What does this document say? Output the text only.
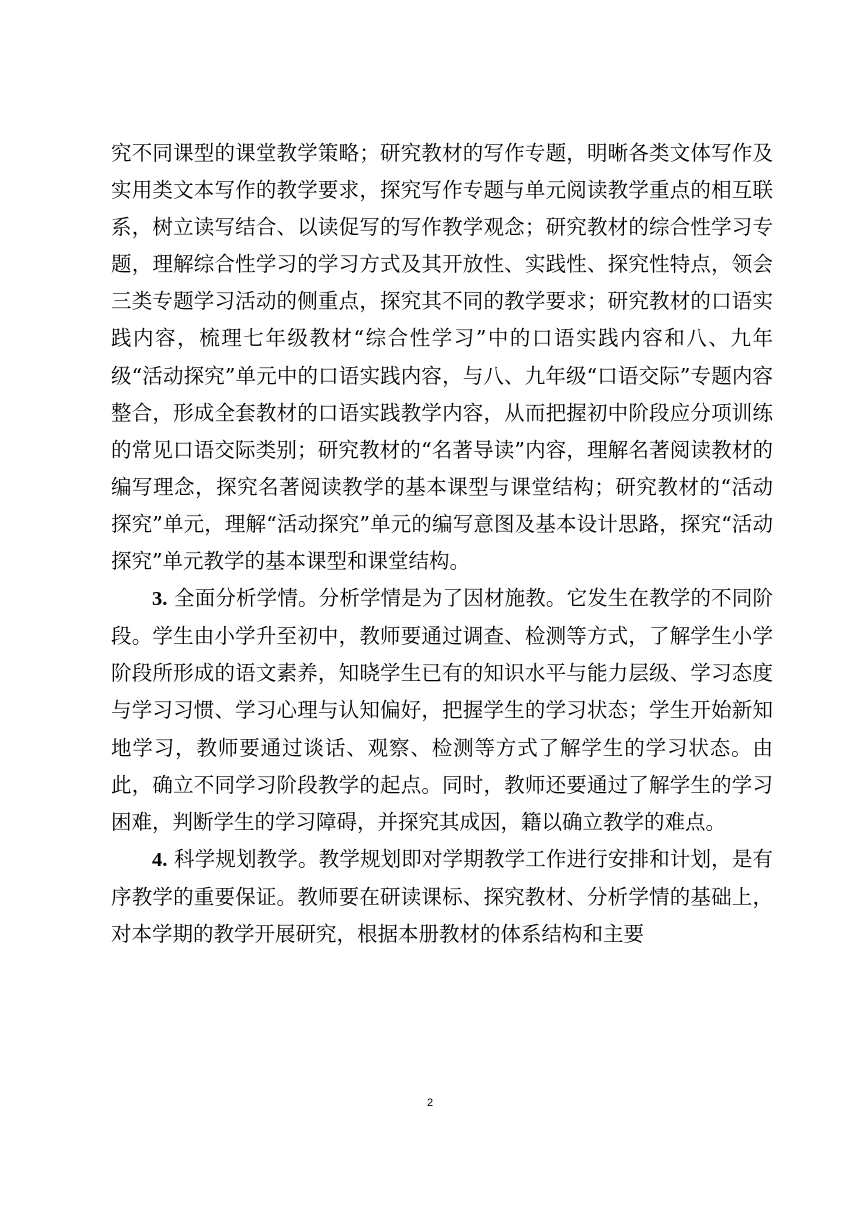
究不同课型的课堂教学策略；研究教材的写作专题，明晰各类文体写作及实用类文本写作的教学要求，探究写作专题与单元阅读教学重点的相互联系，树立读写结合、以读促写的写作教学观念；研究教材的综合性学习专题，理解综合性学习的学习方式及其开放性、实践性、探究性特点，领会三类专题学习活动的侧重点，探究其不同的教学要求；研究教材的口语实践内容，梳理七年级教材“综合性学习”中的口语实践内容和八、九年级“活动探究”单元中的口语实践内容，与八、九年级“口语交际”专题内容整合，形成全套教材的口语实践教学内容，从而把握初中阶段应分项训练的常见口语交际类别；研究教材的“名著导读”内容，理解名著阅读教材的编写理念，探究名著阅读教学的基本课型与课堂结构；研究教材的“活动探究”单元，理解“活动探究”单元的编写意图及基本设计思路，探究“活动探究”单元教学的基本课型和课堂结构。

3. 全面分析学情。分析学情是为了因材施教。它发生在教学的不同阶段。学生由小学升至初中，教师要通过调查、检测等方式，了解学生小学阶段所形成的语文素养，知晓学生已有的知识水平与能力层级、学习态度与学习习惯、学习心理与认知偏好，把握学生的学习状态；学生开始新知地学习，教师要通过谈话、观察、检测等方式了解学生的学习状态。由此，确立不同学习阶段教学的起点。同时，教师还要通过了解学生的学习困难，判断学生的学习障碍，并探究其成因，籍以确立教学的难点。

4. 科学规划教学。教学规划即对学期教学工作进行安排和计划，是有序教学的重要保证。教师要在研读课标、探究教材、分析学情的基础上，对本学期的教学开展研究，根据本册教材的体系结构和主要

2
